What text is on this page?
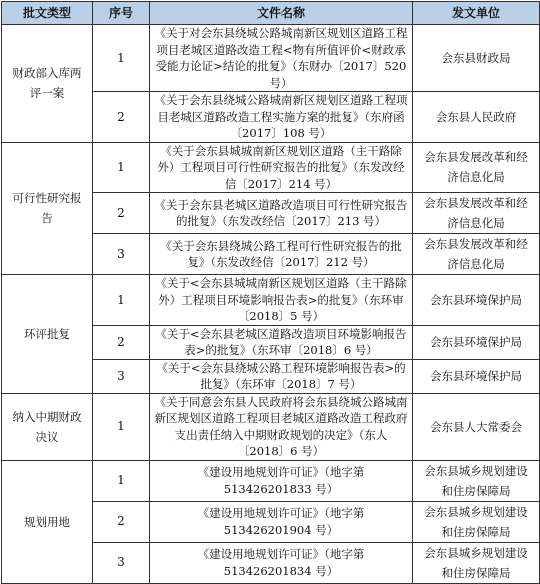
批文类型	序号	文件名称	发文单位
财政部入库两评一案	1	《关于对会东县绕城公路城南新区规划区道路工程项目老城区道路改造工程<物有所值评价<财政承受能力论证>结论的批复》（东财办〔2017〕520 号）	会东县财政局
	2	《关于会东县绕城公路城南新区规划区道路工程项目老城区道路改造工程实施方案的批复》（东府函〔2017〕108 号）	会东县人民政府
可行性研究报告	1	《关于会东县城城南新区规划区道路（主干路除外）工程项目可行性研究报告的批复》（东发改经信〔2017〕214 号）	会东县发展改革和经济信息化局
	2	《关于会东县老城区道路改造项目可行性研究报告的批复》（东发改经信〔2017〕213 号）	会东县发展改革和经济信息化局
	3	《关于会东县绕城公路工程可行性研究报告的批复》（东发改经信〔2017〕212 号）	会东县发展改革和经济信息化局
环评批复	1	《关于<会东县城城南新区规划区道路（主干路除外）工程项目环境影响报告表>的批复》（东环审〔2018〕5 号）	会东县环境保护局
	2	《关于<会东县老城区道路改造项目环境影响报告表>的批复》（东环审〔2018〕6 号）	会东县环境保护局
	3	《关于<会东县绕城公路工程环境影响报告表>的批复》（东环审〔2018〕7 号）	会东县环境保护局
纳入中期财政决议	1	《关于同意会东县人民政府将会东县绕城公路城南新区规划区道路工程项目老城区道路改造工程政府支出责任纳入中期财政规划的决定》（东人〔2018〕6 号）	会东县人大常委会
规划用地	1	《建设用地规划许可证》（地字第513426201833 号）	会东县城乡规划建设和住房保障局
	2	《建设用地规划许可证》（地字第513426201904 号）	会东县城乡规划建设和住房保障局
	3	《建设用地规划许可证》（地字第513426201834 号）	会东县城乡规划建设和住房保障局
